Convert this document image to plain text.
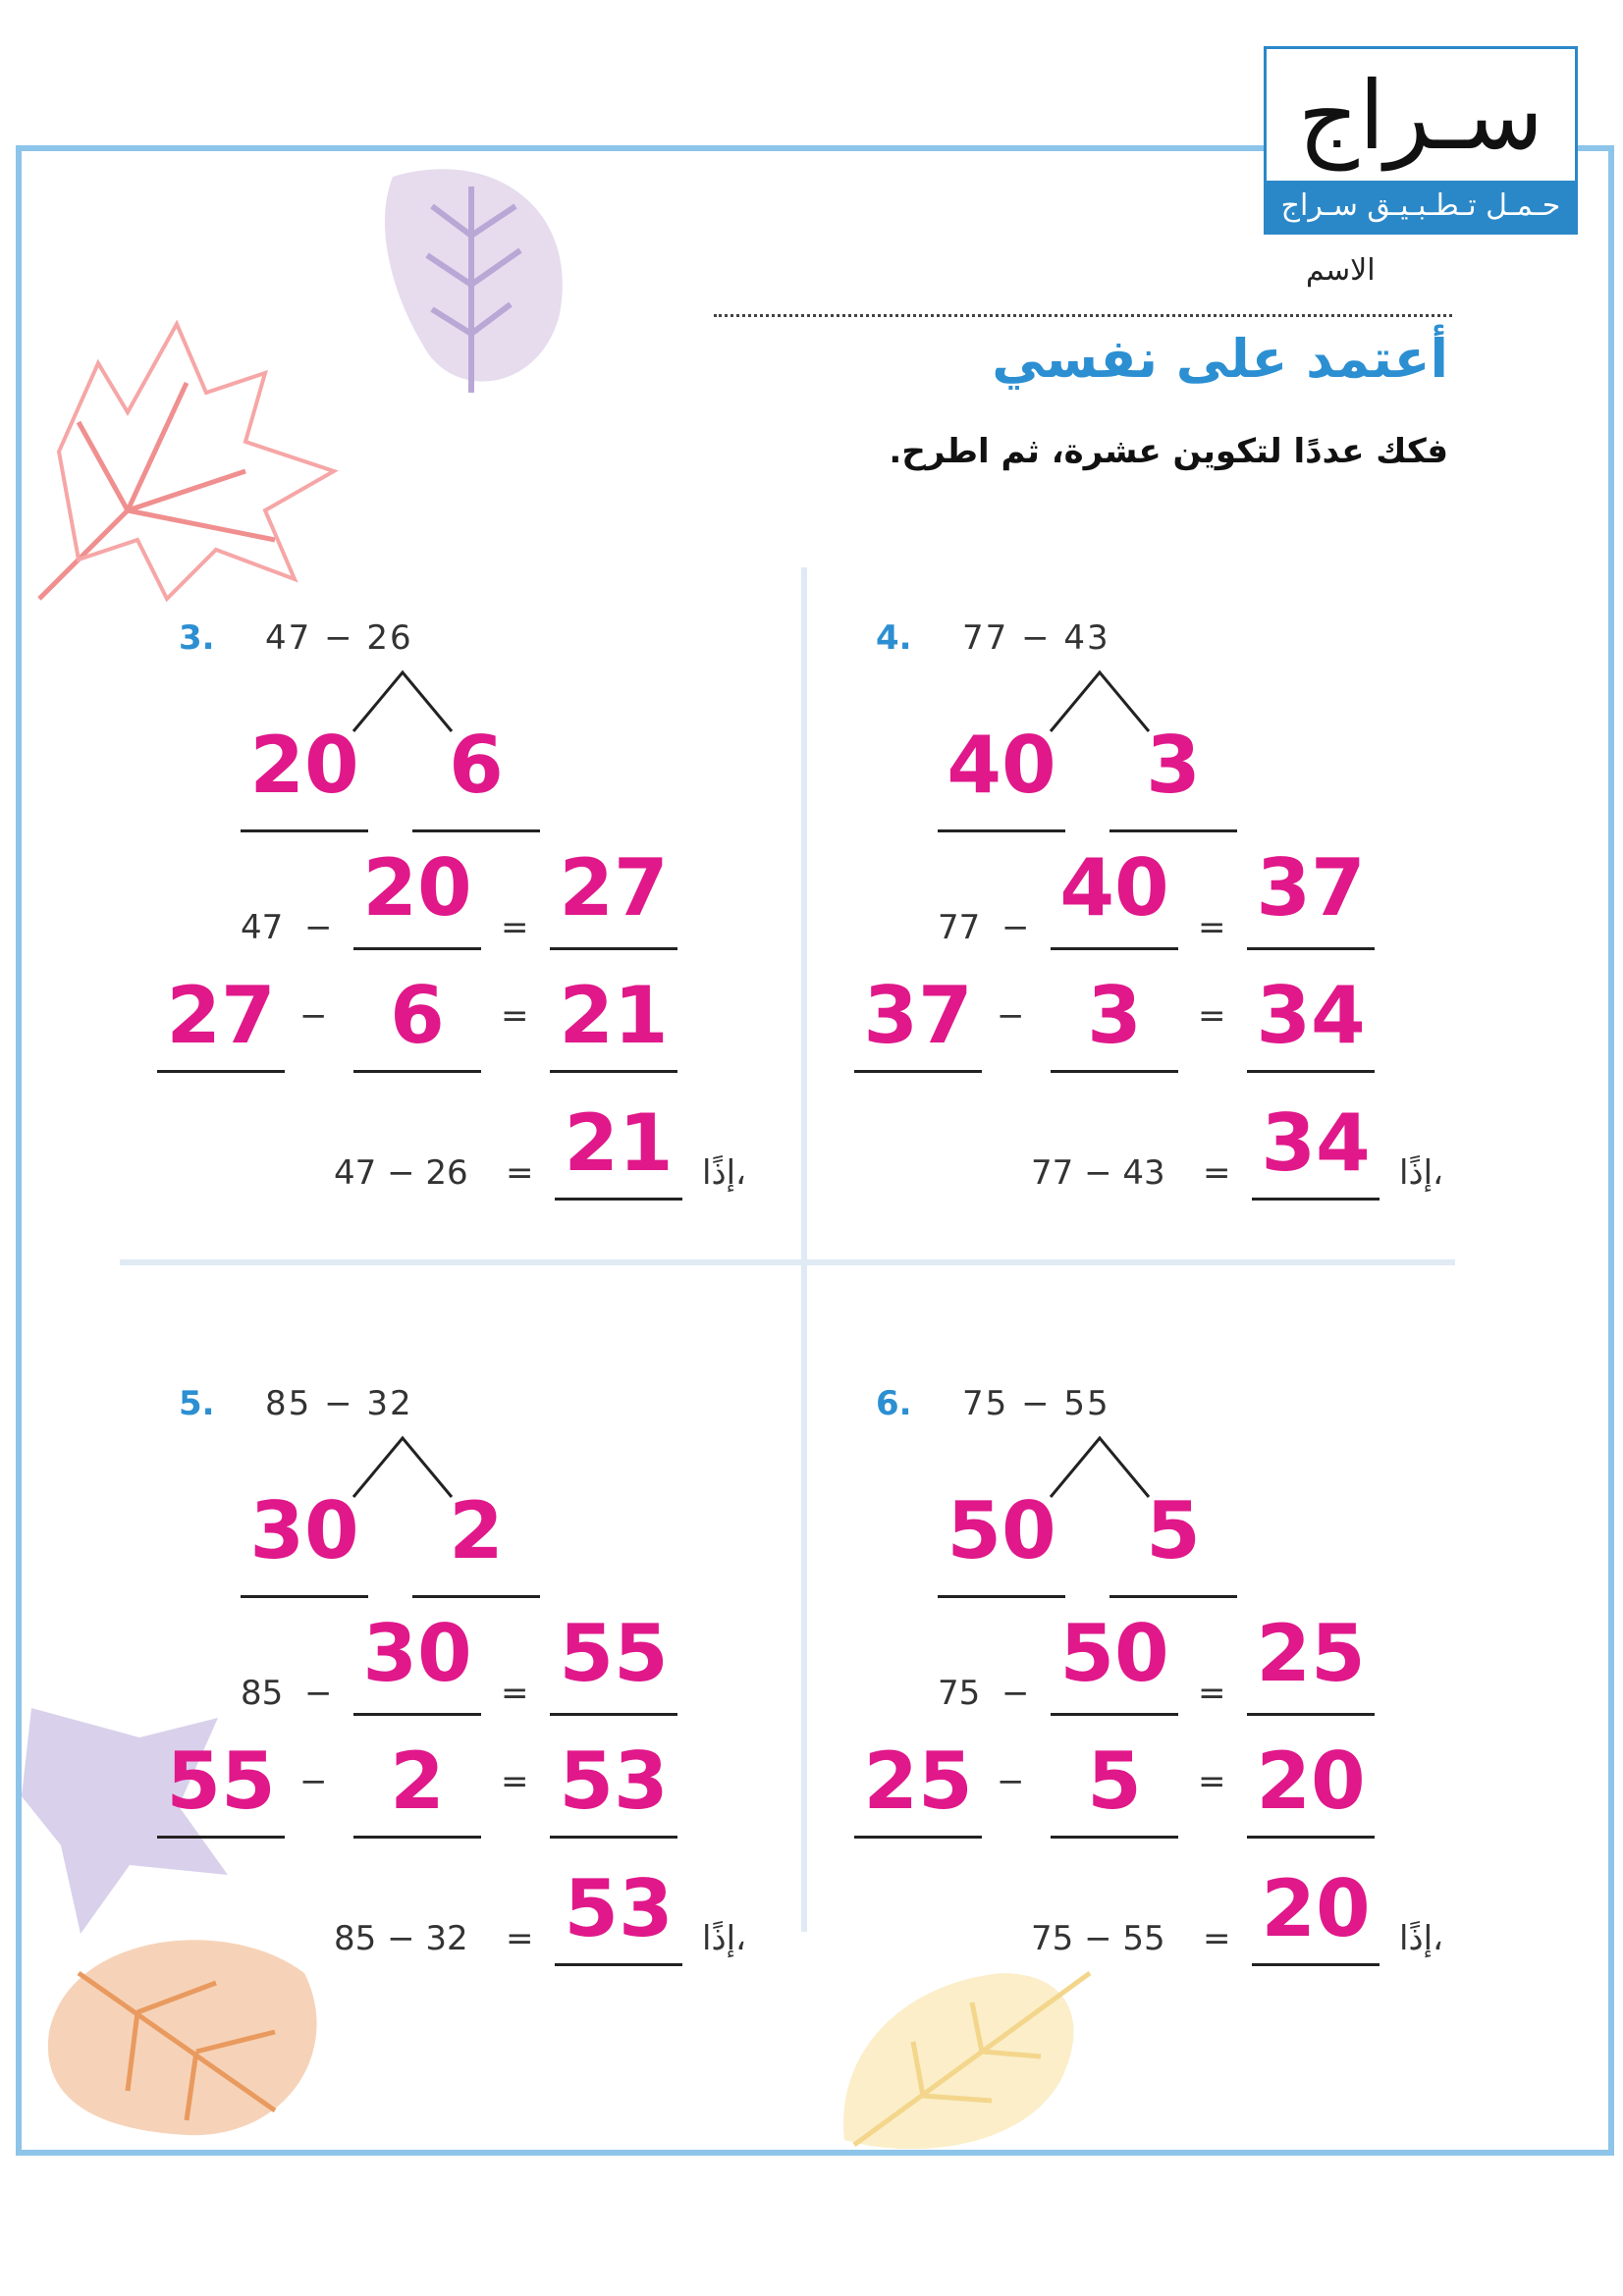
سـراج
حـمـل تـطـبـيـق سـراج
الاسم
أعتمد على نفسي
فكك عددًا لتكوين عشرة، ثم اطرح.
3. 47 − 26
20	6
47 − 20 = 27
27 − 6	= 21
47 − 26 = 21 إذًا،
4. 77 − 43
40	3
77 − 40 = 37
37 − 3	= 34
77 − 43 = 34 إذًا،
5. 85 − 32
30	2
85 − 30 = 55
55 − 2	= 53
85 − 32 = 53 إذًا،
6. 75 − 55
50	5
75 − 50 = 25
25 − 5	= 20
75 − 55 = 20 إذًا،
